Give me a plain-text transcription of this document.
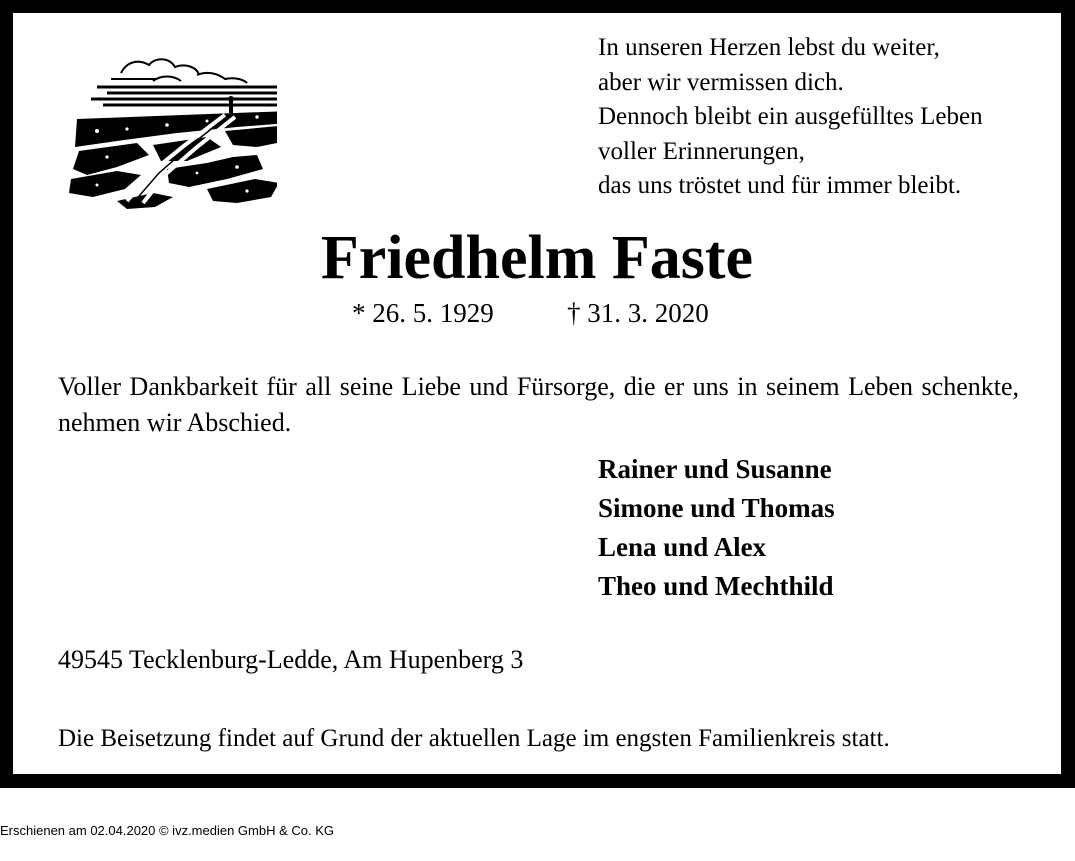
In unseren Herzen lebst du weiter,
aber wir vermissen dich.
Dennoch bleibt ein ausgefülltes Leben
voller Erinnerungen,
das uns tröstet und für immer bleibt.
Friedhelm Faste
* 26. 5. 1929	† 31. 3. 2020
Voller Dankbarkeit für all seine Liebe und Fürsorge, die er uns in seinem Leben schenkte, nehmen wir Abschied.
Rainer und Susanne
Simone und Thomas
Lena und Alex
Theo und Mechthild
49545 Tecklenburg-Ledde, Am Hupenberg 3
Die Beisetzung findet auf Grund der aktuellen Lage im engsten Familienkreis statt.
Erschienen am 02.04.2020 © ivz.medien GmbH & Co. KG
